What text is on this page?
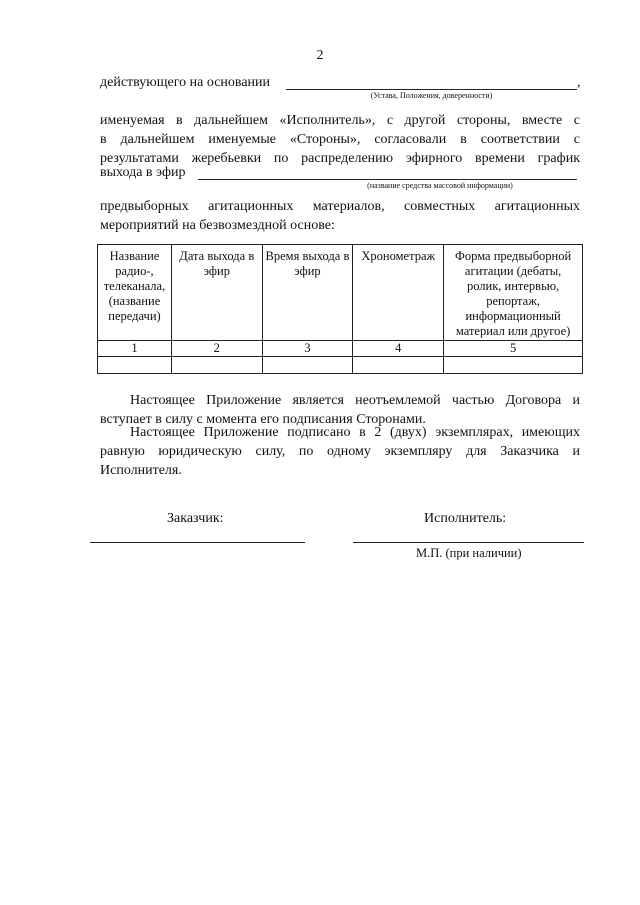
2
действующего на основании	,
(Устава, Положения, доверенности)
именуемая в дальнейшем «Исполнитель», с другой стороны, вместе с
в дальнейшем именуемые «Стороны», согласовали в соответствии с
результатами жеребьевки по распределению эфирного времени график
выхода в эфир
(название средства массовой информации)
предвыборных агитационных материалов, совместных агитационных
мероприятий на безвозмездной основе:
Название радио-, телеканала, (название передачи)	Дата выхода в эфир	Время выхода в эфир	Хронометраж	Форма предвыборной агитации (дебаты, ролик, интервью, репортаж, информационный материал или другое)
1	2	3	4	5

Настоящее Приложение является неотъемлемой частью Договора и
вступает в силу с момента его подписания Сторонами.
Настоящее Приложение подписано в 2 (двух) экземплярах, имеющих
равную юридическую силу, по одному экземпляру для Заказчика и
Исполнителя.
Заказчик:	Исполнитель:
М.П. (при наличии)
